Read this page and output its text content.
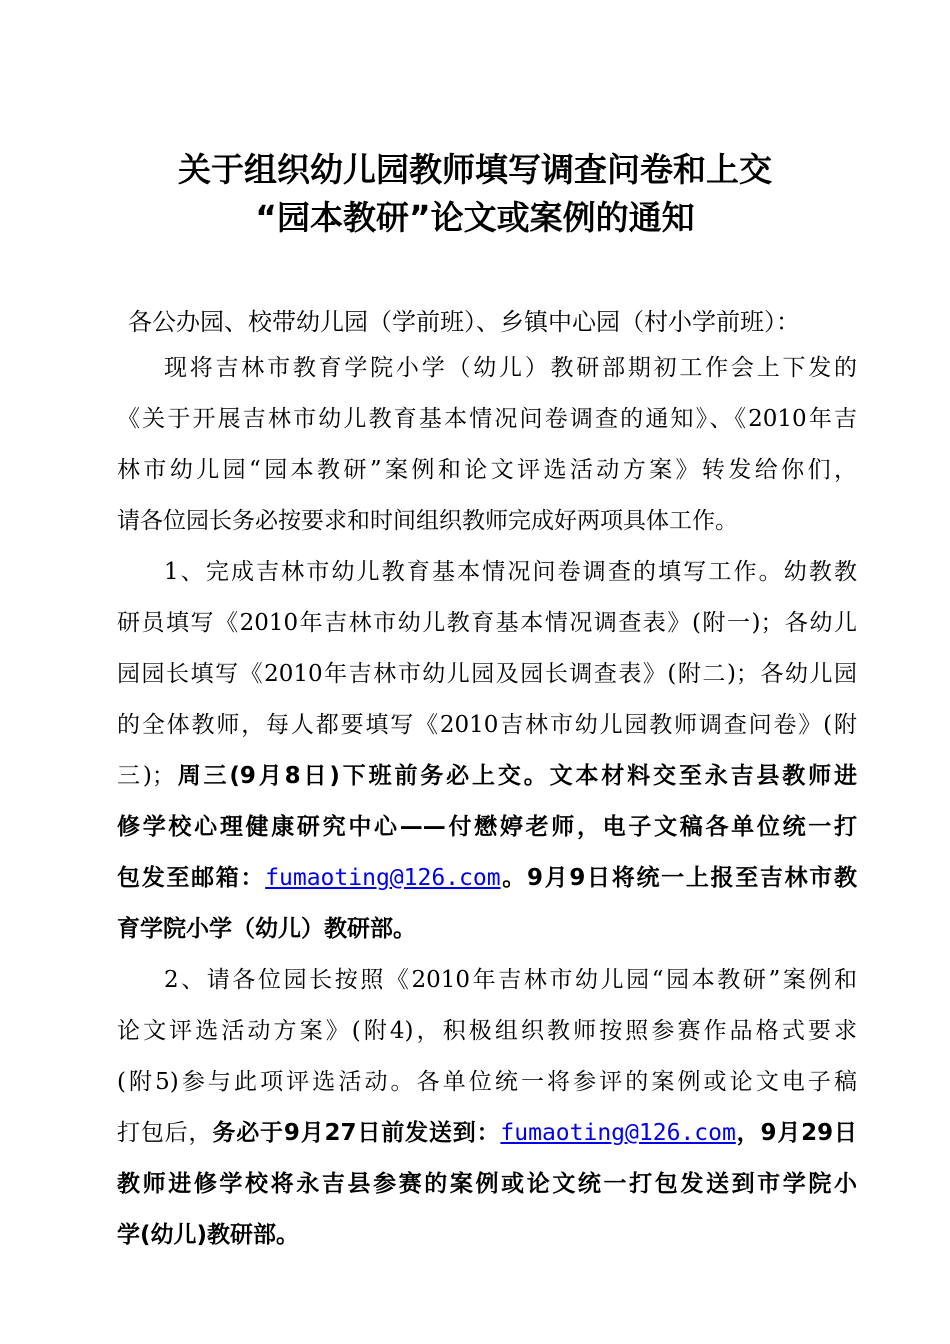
关于组织幼儿园教师填写调查问卷和上交
“园本教研”论文或案例的通知
各公办园、校带幼儿园（学前班）、乡镇中心园（村小学前班）：
现将吉林市教育学院小学（幼儿）教研部期初工作会上下发的
《关于开展吉林市幼儿教育基本情况问卷调查的通知》、《2010年吉
林市幼儿园“园本教研”案例和论文评选活动方案》转发给你们，
请各位园长务必按要求和时间组织教师完成好两项具体工作。
1、完成吉林市幼儿教育基本情况问卷调查的填写工作。幼教教
研员填写《2010年吉林市幼儿教育基本情况调查表》(附一)；各幼儿
园园长填写《2010年吉林市幼儿园及园长调查表》(附二)；各幼儿园
的全体教师，每人都要填写《2010吉林市幼儿园教师调查问卷》(附
三)；周三(9月8日)下班前务必上交。文本材料交至永吉县教师进
修学校心理健康研究中心——付懋婷老师，电子文稿各单位统一打
包发至邮箱：fumaoting@126.com。9月9日将统一上报至吉林市教
育学院小学（幼儿）教研部。
2、请各位园长按照《2010年吉林市幼儿园“园本教研”案例和
论文评选活动方案》(附4)，积极组织教师按照参赛作品格式要求
(附5)参与此项评选活动。各单位统一将参评的案例或论文电子稿
打包后，务必于9月27日前发送到：fumaoting@126.com，9月29日
教师进修学校将永吉县参赛的案例或论文统一打包发送到市学院小
学(幼儿)教研部。
